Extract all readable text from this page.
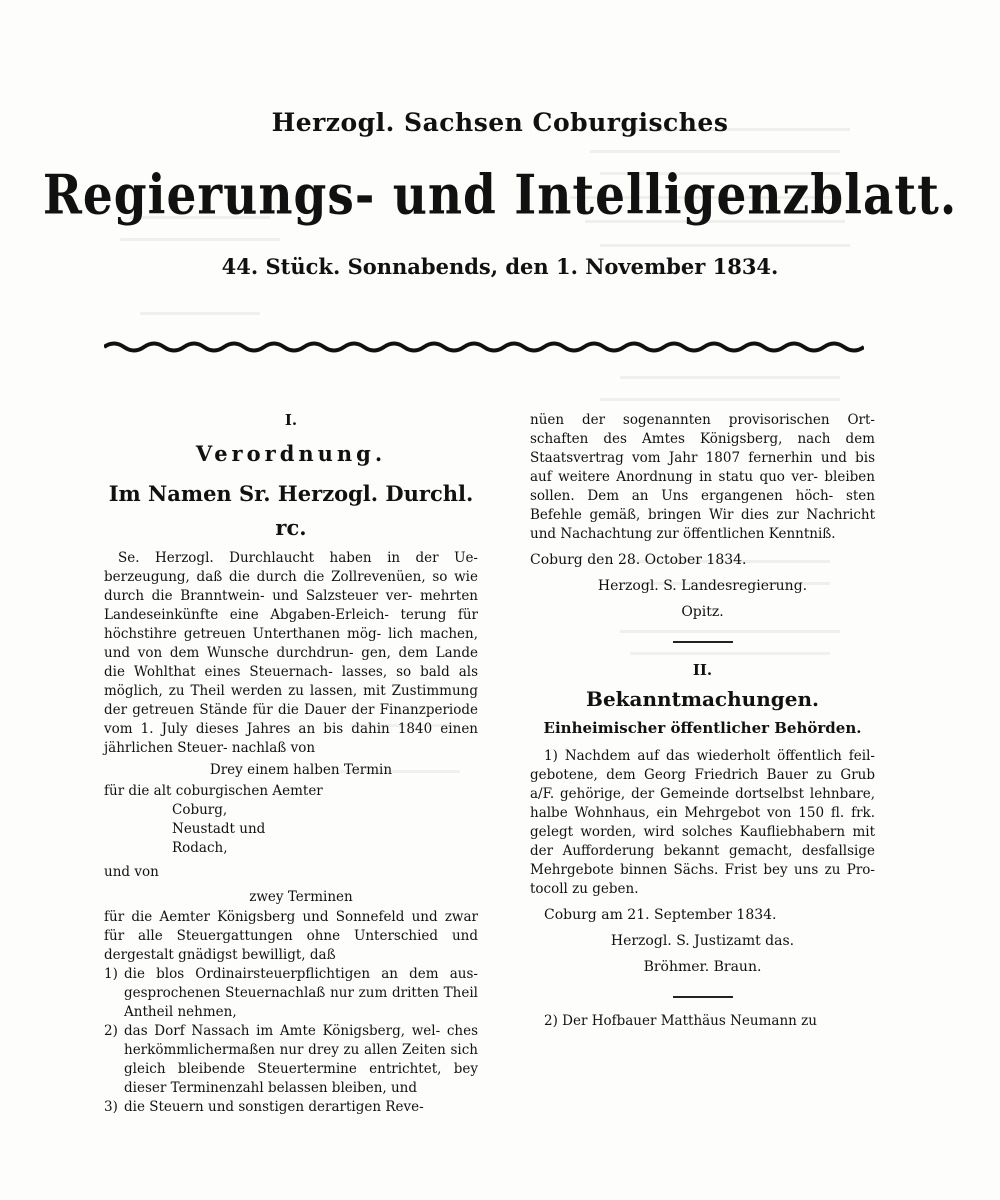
Herzogl. Sachsen Coburgisches
Regierungs- und Intelligenzblatt.
44. Stück. Sonnabends, den 1. November 1834.
I.
Verordnung.
Im Namen Sr. Herzogl. Durchl. rc.

Se. Herzogl. Durchlaucht haben in der Ue- berzeugung, daß die durch die Zollrevenüen, so wie durch die Branntwein- und Salzsteuer ver- mehrten Landeseinkünfte eine Abgaben-Erleich- terung für höchstihre getreuen Unterthanen mög- lich machen, und von dem Wunsche durchdrun- gen, dem Lande die Wohlthat eines Steuernach- lasses, so bald als möglich, zu Theil werden zu lassen, mit Zustimmung der getreuen Stände für die Dauer der Finanzperiode vom 1. July dieses Jahres an bis dahin 1840 einen jährlichen Steuer- nachlaß von

Drey einem halben Termin
für die alt coburgischen Aemter
Coburg,
Neustadt und
Rodach,
und von
zwey Terminen

für die Aemter Königsberg und Sonnefeld und zwar für alle Steuergattungen ohne Unterschied und dergestalt gnädigst bewilligt, daß

1) die blos Ordinairsteuerpflichtigen an dem aus- gesprochenen Steuernachlaß nur zum dritten Theil Antheil nehmen,
2) das Dorf Nassach im Amte Königsberg, wel- ches herkömmlichermaßen nur drey zu allen Zeiten sich gleich bleibende Steuertermine entrichtet, bey dieser Terminenzahl belassen bleiben, und
3) die Steuern und sonstigen derartigen Reve-

nüen der sogenannten provisorischen Ort- schaften des Amtes Königsberg, nach dem Staatsvertrag vom Jahr 1807 fernerhin und bis auf weitere Anordnung in statu quo ver- bleiben sollen. Dem an Uns ergangenen höch- sten Befehle gemäß, bringen Wir dies zur Nachricht und Nachachtung zur öffentlichen Kenntniß.

Coburg den 28. October 1834.
Herzogl. S. Landesregierung.
Opitz.
II.
Bekanntmachungen.
Einheimischer öffentlicher Behörden.

1) Nachdem auf das wiederholt öffentlich feil- gebotene, dem Georg Friedrich Bauer zu Grub a/F. gehörige, der Gemeinde dortselbst lehnbare, halbe Wohnhaus, ein Mehrgebot von 150 fl. frk. gelegt worden, wird solches Kaufliebhabern mit der Aufforderung bekannt gemacht, desfallsige Mehrgebote binnen Sächs. Frist bey uns zu Pro- tocoll zu geben.

Coburg am 21. September 1834.
Herzogl. S. Justizamt das.
Bröhmer. Braun.

2) Der Hofbauer Matthäus Neumann zu
